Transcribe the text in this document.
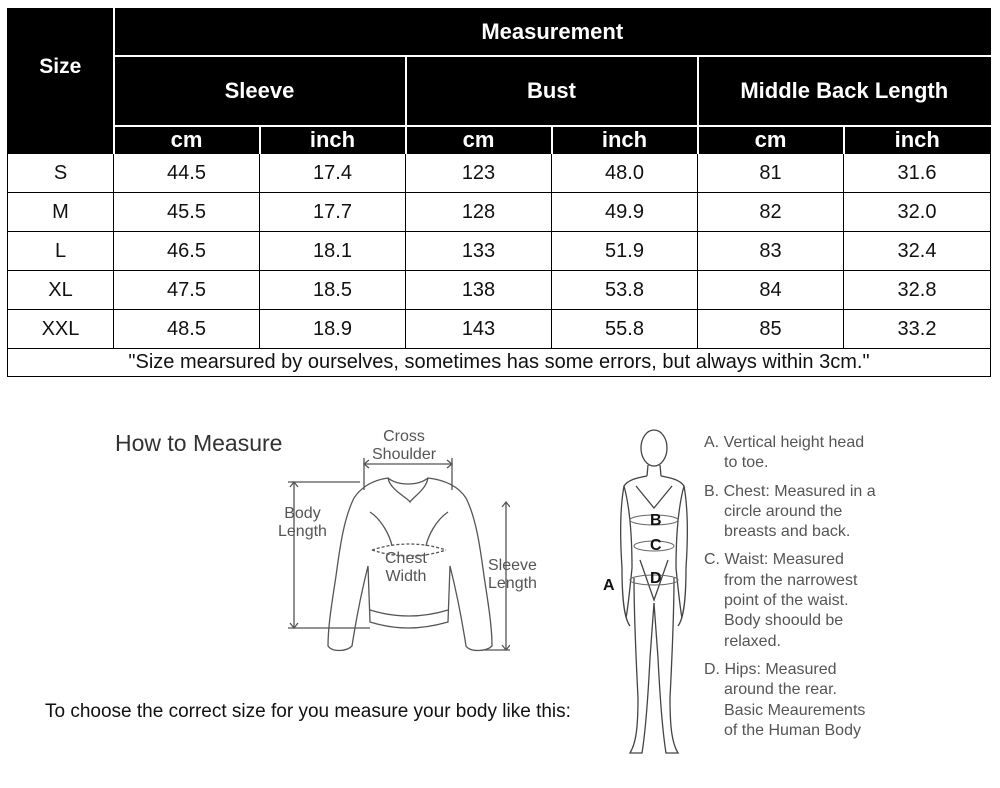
Size	Measurement					
	Sleeve		Bust		Middle Back Length	
	cm	inch	cm	inch	cm	inch
S	44.5	17.4	123	48.0	81	31.6
M	45.5	17.7	128	49.9	82	32.0
L	46.5	18.1	133	51.9	83	32.4
XL	47.5	18.5	138	53.8	84	32.8
XXL	48.5	18.9	143	55.8	85	33.2
"Size mearsured by ourselves, sometimes has some errors, but always within 3cm."						
How to Measure	Cross
Shoulder
Body
Length
Chest
Width
Sleeve
Length
To choose the correct size for you measure your body like this:
A
B
C
D

A. Vertical height head
to toe.

B. Chest: Measured in a
circle around the
breasts and back.

C. Waist: Measured
from the narrowest
point of the waist.
Body shoould be
relaxed.

D. Hips: Measured
around the rear.
Basic Meaurements
of the Human Body
